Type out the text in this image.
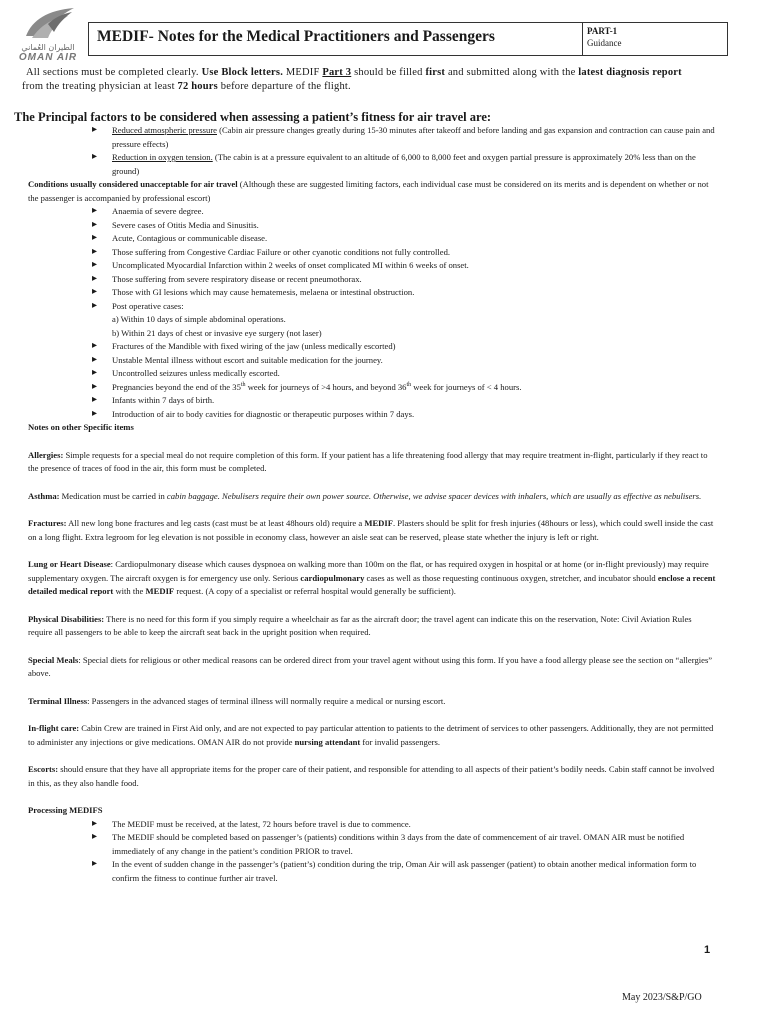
الطيران العُماني
OMAN AIR
MEDIF- Notes for the Medical Practitioners and Passengers	PART-1
Guidance
All sections must be completed clearly. Use Block letters. MEDIF Part 3 should be filled first and submitted along with the latest diagnosis report
from the treating physician at least 72 hours before departure of the flight.
The Principal factors to be considered when assessing a patient’s fitness for air travel are:
▸ Reduced atmospheric pressure (Cabin air pressure changes greatly during 15-30 minutes after takeoff and before landing and gas expansion and contraction can cause pain and pressure effects)
▸ Reduction in oxygen tension. (The cabin is at a pressure equivalent to an altitude of 6,000 to 8,000 feet and oxygen partial pressure is approximately 20% less than on the ground)

Conditions usually considered unacceptable for air travel (Although these are suggested limiting factors, each individual case must be considered on its merits and is dependent on whether or not the passenger is accompanied by professional escort)

▸ Anaemia of severe degree.
▸ Severe cases of Otitis Media and Sinusitis.
▸ Acute, Contagious or communicable disease.
▸ Those suffering from Congestive Cardiac Failure or other cyanotic conditions not fully controlled.
▸ Uncomplicated Myocardial Infarction within 2 weeks of onset complicated MI within 6 weeks of onset.
▸ Those suffering from severe respiratory disease or recent pneumothorax.
▸ Those with GI lesions which may cause hematemesis, melaena or intestinal obstruction.
▸ Post operative cases:
a) Within 10 days of simple abdominal operations.
b) Within 21 days of chest or invasive eye surgery (not laser)
▸ Fractures of the Mandible with fixed wiring of the jaw (unless medically escorted)
▸ Unstable Mental illness without escort and suitable medication for the journey.
▸ Uncontrolled seizures unless medically escorted.
▸ Pregnancies beyond the end of the 35th week for journeys of >4 hours, and beyond 36th week for journeys of < 4 hours.
▸ Infants within 7 days of birth.
▸ Introduction of air to body cavities for diagnostic or therapeutic purposes within 7 days.

Notes on other Specific items

Allergies: Simple requests for a special meal do not require completion of this form. If your patient has a life threatening food allergy that may require treatment in-flight, particularly if they react to the presence of traces of food in the air, this form must be completed.

Asthma: Medication must be carried in cabin baggage. Nebulisers require their own power source. Otherwise, we advise spacer devices with inhalers, which are usually as effective as nebulisers.

Fractures: All new long bone fractures and leg casts (cast must be at least 48hours old) require a MEDIF. Plasters should be split for fresh injuries (48hours or less), which could swell inside the cast on a long flight. Extra legroom for leg elevation is not possible in economy class, however an aisle seat can be reserved, please state whether the injury is left or right.

Lung or Heart Disease: Cardiopulmonary disease which causes dyspnoea on walking more than 100m on the flat, or has required oxygen in hospital or at home (or in-flight previously) may require supplementary oxygen. The aircraft oxygen is for emergency use only. Serious cardiopulmonary cases as well as those requesting continuous oxygen, stretcher, and incubator should enclose a recent detailed medical report with the MEDIF request. (A copy of a specialist or referral hospital would generally be sufficient).

Physical Disabilities: There is no need for this form if you simply require a wheelchair as far as the aircraft door; the travel agent can indicate this on the reservation, Note: Civil Aviation Rules require all passengers to be able to keep the aircraft seat back in the upright position when required.

Special Meals: Special diets for religious or other medical reasons can be ordered direct from your travel agent without using this form. If you have a food allergy please see the section on “allergies” above.

Terminal Illness: Passengers in the advanced stages of terminal illness will normally require a medical or nursing escort.

In-flight care: Cabin Crew are trained in First Aid only, and are not expected to pay particular attention to patients to the detriment of services to other passengers. Additionally, they are not permitted to administer any injections or give medications. OMAN AIR do not provide nursing attendant for invalid passengers.

Escorts: should ensure that they have all appropriate items for the proper care of their patient, and responsible for attending to all aspects of their patient’s bodily needs. Cabin staff cannot be involved in this, as they also handle food.

Processing MEDIFS

▸ The MEDIF must be received, at the latest, 72 hours before travel is due to commence.
▸ The MEDIF should be completed based on passenger’s (patients) conditions within 3 days from the date of commencement of air travel. OMAN AIR must be notified immediately of any change in the patient’s condition PRIOR to travel.
▸ In the event of sudden change in the passenger’s (patient’s) condition during the trip, Oman Air will ask passenger (patient) to obtain another medical information form to confirm the fitness to continue further air travel.
1
May 2023/S&P/GO
